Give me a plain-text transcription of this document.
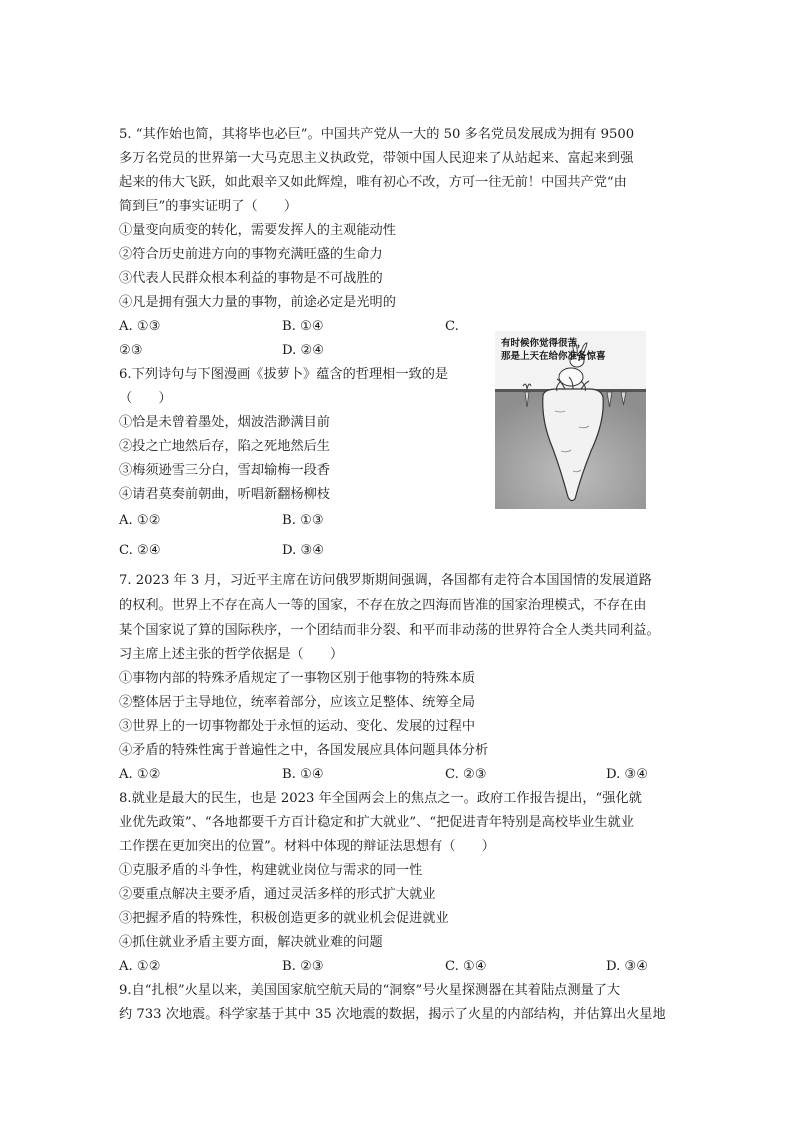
5. “其作始也简，其将毕也必巨”。中国共产党从一大的 50 多名党员发展成为拥有 9500
多万名党员的世界第一大马克思主义执政党，带领中国人民迎来了从站起来、富起来到强
起来的伟大飞跃，如此艰辛又如此辉煌，唯有初心不改，方可一往无前！中国共产党“由
简到巨”的事实证明了（　　）
①量变向质变的转化，需要发挥人的主观能动性
②符合历史前进方向的事物充满旺盛的生命力
③代表人民群众根本利益的事物是不可战胜的
④凡是拥有强大力量的事物，前途必定是光明的
A. ①③	B. ①④	C.
②③	D. ②④
6.下列诗句与下图漫画《拔萝卜》蕴含的哲理相一致的是
（　　）
①恰是未曾着墨处，烟波浩渺满目前
②投之亡地然后存，陷之死地然后生
③梅须逊雪三分白，雪却输梅一段香
④请君莫奏前朝曲，听唱新翻杨柳枝
A. ①②	B. ①③
C. ②④	D. ③④
有时候你觉得很苦，
那是上天在给你准备惊喜
7. 2023 年 3 月，习近平主席在访问俄罗斯期间强调，各国都有走符合本国国情的发展道路
的权利。世界上不存在高人一等的国家，不存在放之四海而皆准的国家治理模式，不存在由
某个国家说了算的国际秩序，一个团结而非分裂、和平而非动荡的世界符合全人类共同利益。
习主席上述主张的哲学依据是（　　）
①事物内部的特殊矛盾规定了一事物区别于他事物的特殊本质
②整体居于主导地位，统率着部分，应该立足整体、统筹全局
③世界上的一切事物都处于永恒的运动、变化、发展的过程中
④矛盾的特殊性寓于普遍性之中，各国发展应具体问题具体分析
A. ①②	B. ①④	C. ②③	D. ③④
8.就业是最大的民生，也是 2023 年全国两会上的焦点之一。政府工作报告提出，“强化就
业优先政策”、“各地都要千方百计稳定和扩大就业”、“把促进青年特别是高校毕业生就业
工作摆在更加突出的位置”。材料中体现的辩证法思想有（　　）
①克服矛盾的斗争性，构建就业岗位与需求的同一性
②要重点解决主要矛盾，通过灵活多样的形式扩大就业
③把握矛盾的特殊性，积极创造更多的就业机会促进就业
④抓住就业矛盾主要方面，解决就业难的问题
A. ①②	B. ②③	C. ①④	D. ③④
9.自“扎根”火星以来，美国国家航空航天局的“洞察”号火星探测器在其着陆点测量了大
约 733 次地震。科学家基于其中 35 次地震的数据，揭示了火星的内部结构，并估算出火星地
